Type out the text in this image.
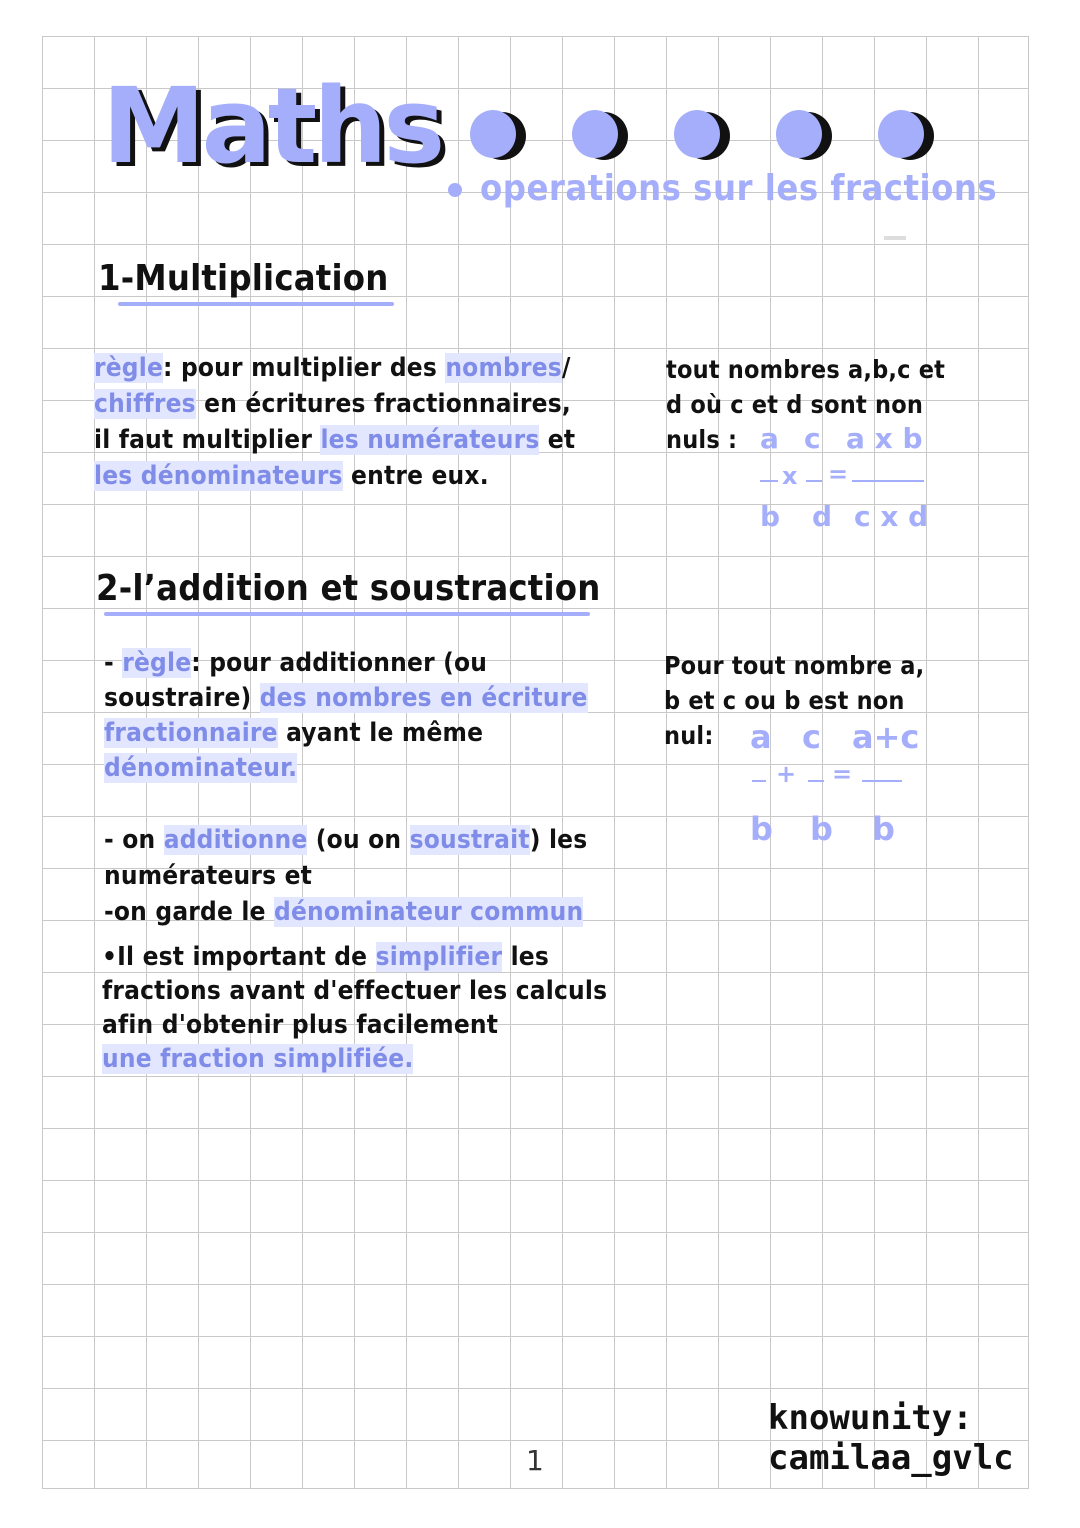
Maths

operations sur les fractions

1-Multiplication

règle: pour multiplier des nombres/
chiffres en écritures fractionnaires,
il faut multiplier les numérateurs et
les dénominateurs entre eux.

tout nombres a,b,c et
d où c et d sont non
nuls : a c a x b
x =
b d c x d
2-l’addition et soustraction

- règle: pour additionner (ou
soustraire) des nombres en écriture
fractionnaire ayant le même
dénominateur.

- on additionne (ou on soustrait) les
numérateurs et
-on garde le dénominateur commun

•Il est important de simplifier les
fractions avant d'effectuer les calculs
afin d'obtenir plus facilement
une fraction simplifiée.

Pour tout nombre a,
b et c ou b est non
nul:	a c a+c
+ =
b b b
1

knowunity:
camilaa_gvlc
